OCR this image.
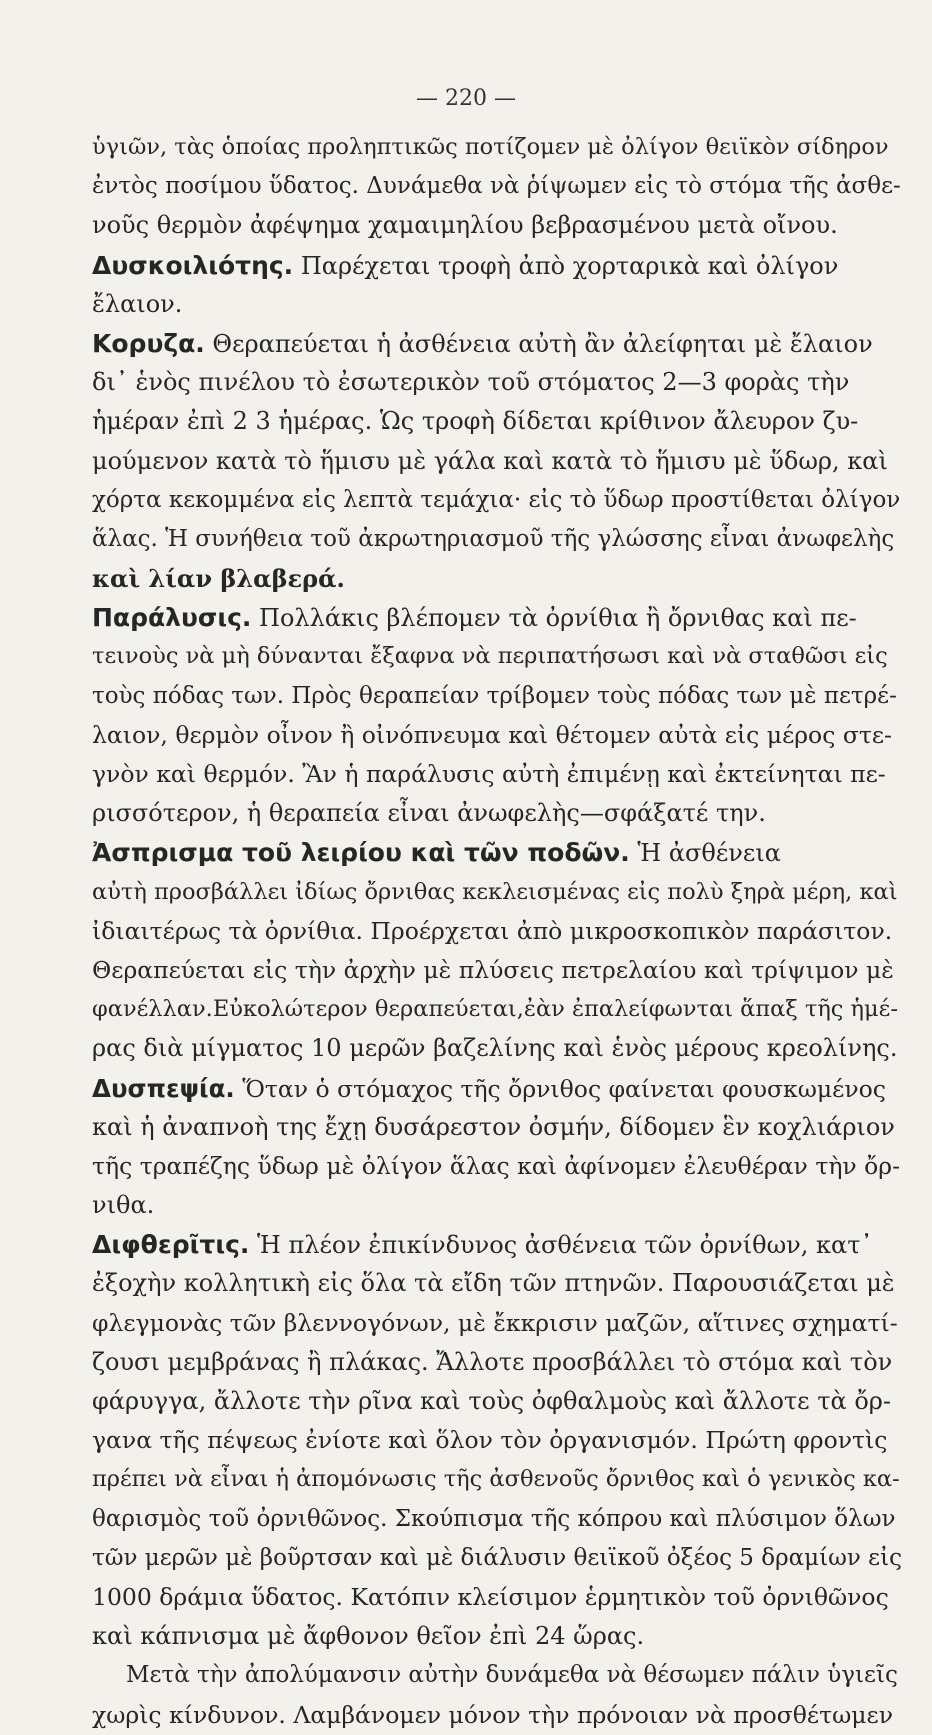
— 220 —
ὑγιῶν, τὰς ὁποίας προληπτικῶς ποτίζομεν μὲ ὀλίγον θειϊκὸν σίδηρον
ἐντὸς ποσίμου ὕδατος. Δυνάμεθα νὰ ῥίψωμεν εἰς τὸ στόμα τῆς ἀσθε-
νοῦς θερμὸν ἀφέψημα χαμαιμηλίου βεβρασμένου μετὰ οἴνου.
Δυσκοιλιότης. Παρέχεται τροφὴ ἀπὸ χορταρικὰ καὶ ὀλίγον
ἔλαιον.
Κορυζα. Θεραπεύεται ἡ ἀσθένεια αὐτὴ ἂν ἀλείφηται μὲ ἔλαιον
δι᾽ ἑνὸς πινέλου τὸ ἐσωτερικὸν τοῦ στόματος 2—3 φορὰς τὴν
ἡμέραν ἐπὶ 2 3 ἡμέρας. Ὡς τροφὴ δίδεται κρίθινον ἄλευρον ζυ-
μούμενον κατὰ τὸ ἥμισυ μὲ γάλα καὶ κατὰ τὸ ἥμισυ μὲ ὕδωρ, καὶ
χόρτα κεκομμένα εἰς λεπτὰ τεμάχια· εἰς τὸ ὕδωρ προστίθεται ὀλίγον
ἅλας. Ἡ συνήθεια τοῦ ἀκρωτηριασμοῦ τῆς γλώσσης εἶναι ἀνωφελὴς
καὶ λίαν βλαβερά.
Παράλυσις. Πολλάκις βλέπομεν τὰ ὀρνίθια ἢ ὄρνιθας καὶ πε-
τεινοὺς νὰ μὴ δύνανται ἔξαφνα νὰ περιπατήσωσι καὶ νὰ σταθῶσι εἰς
τοὺς πόδας των. Πρὸς θεραπείαν τρίβομεν τοὺς πόδας των μὲ πετρέ-
λαιον, θερμὸν οἶνον ἢ οἰνόπνευμα καὶ θέτομεν αὐτὰ εἰς μέρος στε-
γνὸν καὶ θερμόν. Ἂν ἡ παράλυσις αὐτὴ ἐπιμένῃ καὶ ἐκτείνηται πε-
ρισσότερον, ἡ θεραπεία εἶναι ἀνωφελὴς—σφάξατέ την.
Ἀσπρισμα τοῦ λειρίου καὶ τῶν ποδῶν. Ἡ ἀσθένεια
αὐτὴ προσβάλλει ἰδίως ὄρνιθας κεκλεισμένας εἰς πολὺ ξηρὰ μέρη, καὶ
ἰδιαιτέρως τὰ ὀρνίθια. Προέρχεται ἀπὸ μικροσκοπικὸν παράσιτον.
Θεραπεύεται εἰς τὴν ἀρχὴν μὲ πλύσεις πετρελαίου καὶ τρίψιμον μὲ
φανέλλαν.Εὐκολώτερον θεραπεύεται,ἐὰν ἐπαλείφωνται ἅπαξ τῆς ἡμέ-
ρας διὰ μίγματος 10 μερῶν βαζελίνης καὶ ἑνὸς μέρους κρεολίνης.
Δυσπεψία. Ὅταν ὁ στόμαχος τῆς ὄρνιθος φαίνεται φουσκωμένος
καὶ ἡ ἀναπνοὴ της ἔχῃ δυσάρεστον ὀσμήν, δίδομεν ἓν κοχλιάριον
τῆς τραπέζης ὕδωρ μὲ ὀλίγον ἅλας καὶ ἀφίνομεν ἐλευθέραν τὴν ὄρ-
νιθα.
Διφθερῖτις. Ἡ πλέον ἐπικίνδυνος ἀσθένεια τῶν ὀρνίθων, κατ᾽
ἐξοχὴν κολλητικὴ εἰς ὅλα τὰ εἴδη τῶν πτηνῶν. Παρουσιάζεται μὲ
φλεγμονὰς τῶν βλεννογόνων, μὲ ἔκκρισιν μαζῶν, αἵτινες σχηματί-
ζουσι μεμβράνας ἢ πλάκας. Ἄλλοτε προσβάλλει τὸ στόμα καὶ τὸν
φάρυγγα, ἄλλοτε τὴν ρῖνα καὶ τοὺς ὀφθαλμοὺς καὶ ἄλλοτε τὰ ὄρ-
γανα τῆς πέψεως ἐνίοτε καὶ ὅλον τὸν ὀργανισμόν. Πρώτη φροντὶς
πρέπει νὰ εἶναι ἡ ἀπομόνωσις τῆς ἀσθενοῦς ὄρνιθος καὶ ὁ γενικὸς κα-
θαρισμὸς τοῦ ὀρνιθῶνος. Σκούπισμα τῆς κόπρου καὶ πλύσιμον ὅλων
τῶν μερῶν μὲ βοῦρτσαν καὶ μὲ διάλυσιν θειϊκοῦ ὀξέος 5 δραμίων εἰς
1000 δράμια ὕδατος. Κατόπιν κλείσιμον ἑρμητικὸν τοῦ ὀρνιθῶνος
καὶ κάπνισμα μὲ ἄφθονον θεῖον ἐπὶ 24 ὥρας.
Μετὰ τὴν ἀπολύμανσιν αὐτὴν δυνάμεθα νὰ θέσωμεν πάλιν ὑγιεῖς
χωρὶς κίνδυνον. Λαμβάνομεν μόνον τὴν πρόνοιαν νὰ προσθέτωμεν
